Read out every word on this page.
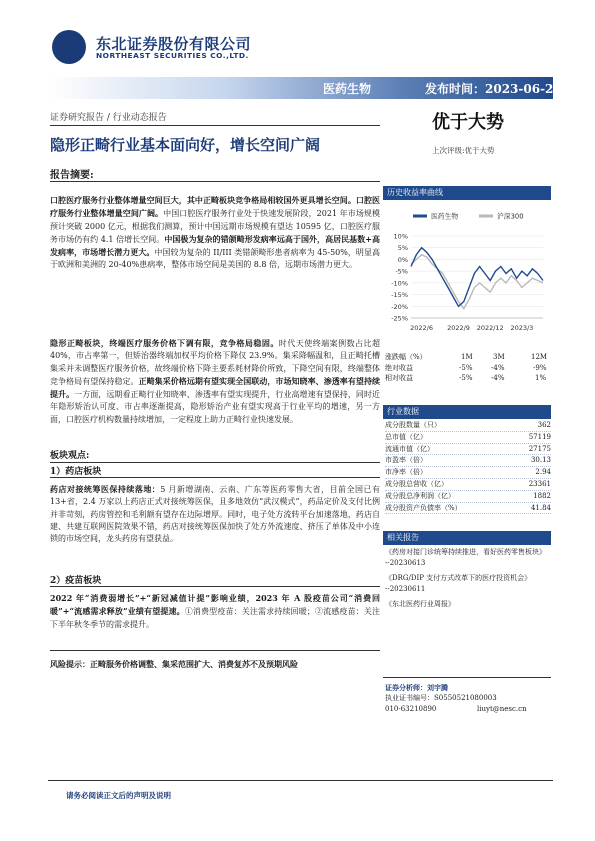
东北证券股份有限公司
NORTHEAST SECURITIES CO.,LTD.
医药生物	发布时间：2023-06-21
证券研究报告 / 行业动态报告	优于大势
隐形正畸行业基本面向好，增长空间广阔	上次评级:优于大势
报告摘要:
口腔医疗服务行业整体增量空间巨大，其中正畸板块竞争格局相较国外更具增长空间。口腔医疗服务行业整体增量空间广阔。中国口腔医疗服务行业处于快速发展阶段，2021 年市场规模预计突破 2000 亿元，根据我们测算，预计中国远期市场规模有望达 10595 亿，口腔医疗服务市场仍有约 4.1 倍增长空间。中国极为复杂的错颌畸形发病率远高于国外，高居民基数+高发病率，市场增长潜力更大。中国较为复杂的 II/III 类错颌畸形患者病率为 45-50%，明显高于欧洲和美洲的 20-40%患病率，整体市场空间是美国的 8.8 倍，远期市场潜力更大。
隐形正畸板块，终端医疗服务价格下调有限，竞争格局稳固。时代天使终端案例数占比超 40%，市占率第一，但矫治器终端加权平均价格下降仅 23.9%。集采降幅温和，且正畸托槽集采并未调整医疗服务价格，故终端价格下降主要系耗材降价所致，下降空间有限，终端整体竞争格局有望保持稳定。正畸集采价格远期有望实现全国联动，市场知晓率、渗透率有望持续提升。一方面，远期看正畸行业知晓率、渗透率有望实现提升，行业高增速有望保持，同时近年隐形矫治认可度、市占率逐渐提高，隐形矫治产业有望实现高于行业平均的增速，另一方面，口腔医疗机构数量持续增加，一定程度上助力正畸行业快速发展。
板块观点:
1）药店板块
药店对接统筹医保持续落地：5 月新增湖南、云南、广东等医药零售大省，目前全国已有 13+省，2.4 万家以上药店正式对接统筹医保，且多地效仿“武汉模式”，药品定价及支付比例并非苛刻，药房管控和毛利额有望存在边际增厚。同时，电子处方流转平台加速落地，药店自建、共建互联网医院效果不错，药店对接统筹医保加快了处方外流速度、挤压了单体及中小连锁的市场空间，龙头药房有望获益。
2）疫苗板块
2022 年“消费弱增长”+“新冠减值计提”影响业绩，2023 年 A 股疫苗公司“消费回暖”+“流感需求释放”业绩有望提速。①消费型疫苗：关注需求持续回暖；②流感疫苗：关注下半年秋冬季节的需求提升。
风险提示：正畸服务价格调整、集采范围扩大、消费复苏不及预期风险
历史收益率曲线
医药生物	沪深300
10%
5%
0%
-5%
-10%
-15%
-20%
-25%
2022/6 2022/9 2022/12 2023/3
涨跌幅（%）	1M	3M	12M
绝对收益	-5%	-4%	-9%
相对收益	-5%	-4%	1%
行业数据
成分股数量（只）	362
总市值（亿）	57119
流通市值（亿）	27175
市盈率（倍）	30.13
市净率（倍）	2.94
成分股总营收（亿）	23361
成分股总净利润（亿）	1882
成分股资产负债率（%）	41.84
相关报告
《药房对接门诊统筹持续推进，看好医药零售板块》
--20230613
《DRG/DIP 支付方式改革下的医疗投资机会》
--20230611
《东北医药行业周报》
证券分析师：刘宇腾
执业证书编号：S0550521080003
010-63210890	liuyt@nesc.cn
请务必阅读正文后的声明及说明
